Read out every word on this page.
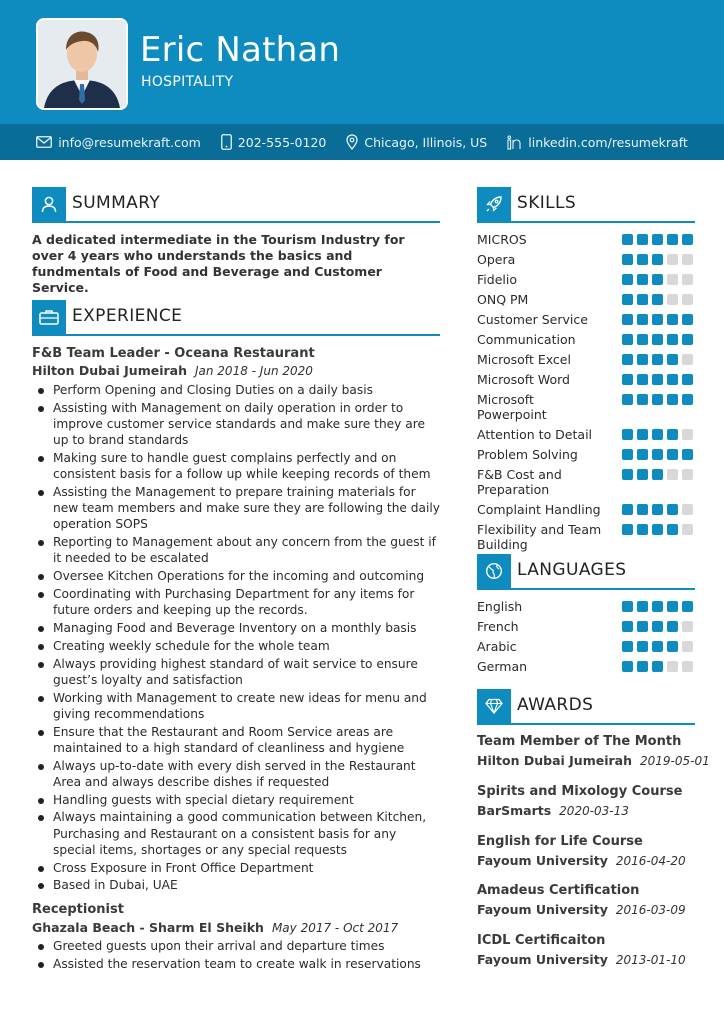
Eric Nathan
HOSPITALITY
info@resumekraft.com	202-555-0120	Chicago, Illinois, US	linkedin.com/resumekraft
SUMMARY
A dedicated intermediate in the Tourism Industry for over 4 years who understands the basics and fundmentals of Food and Beverage and Customer Service.
EXPERIENCE
F&B Team Leader - Oceana Restaurant
Hilton Dubai Jumeirah Jan 2018 - Jun 2020
Perform Opening and Closing Duties on a daily basis
Assisting with Management on daily operation in order to improve customer service standards and make sure they are up to brand standards
Making sure to handle guest complains perfectly and on consistent basis for a follow up while keeping records of them
Assisting the Management to prepare training materials for new team members and make sure they are following the daily operation SOPS
Reporting to Management about any concern from the guest if it needed to be escalated
Oversee Kitchen Operations for the incoming and outcoming
Coordinating with Purchasing Department for any items for future orders and keeping up the records.
Managing Food and Beverage Inventory on a monthly basis
Creating weekly schedule for the whole team
Always providing highest standard of wait service to ensure guest’s loyalty and satisfaction
Working with Management to create new ideas for menu and giving recommendations
Ensure that the Restaurant and Room Service areas are maintained to a high standard of cleanliness and hygiene
Always up-to-date with every dish served in the Restaurant Area and always describe dishes if requested
Handling guests with special dietary requirement
Always maintaining a good communication between Kitchen, Purchasing and Restaurant on a consistent basis for any special items, shortages or any special requests
Cross Exposure in Front Office Department
Based in Dubai, UAE
Receptionist
Ghazala Beach - Sharm El Sheikh May 2017 - Oct 2017
Greeted guests upon their arrival and departure times
Assisted the reservation team to create walk in reservations
SKILLS
MICROS
Opera
Fidelio
ONQ PM
Customer Service
Communication
Microsoft Excel
Microsoft Word
Microsoft Powerpoint
Attention to Detail
Problem Solving
F&B Cost and Preparation
Complaint Handling
Flexibility and Team Building
LANGUAGES
English
French
Arabic
German
AWARDS
Team Member of The Month
Hilton Dubai Jumeirah 2019-05-01
Spirits and Mixology Course
BarSmarts 2020-03-13
English for Life Course
Fayoum University 2016-04-20
Amadeus Certification
Fayoum University 2016-03-09
ICDL Certificaiton
Fayoum University 2013-01-10
